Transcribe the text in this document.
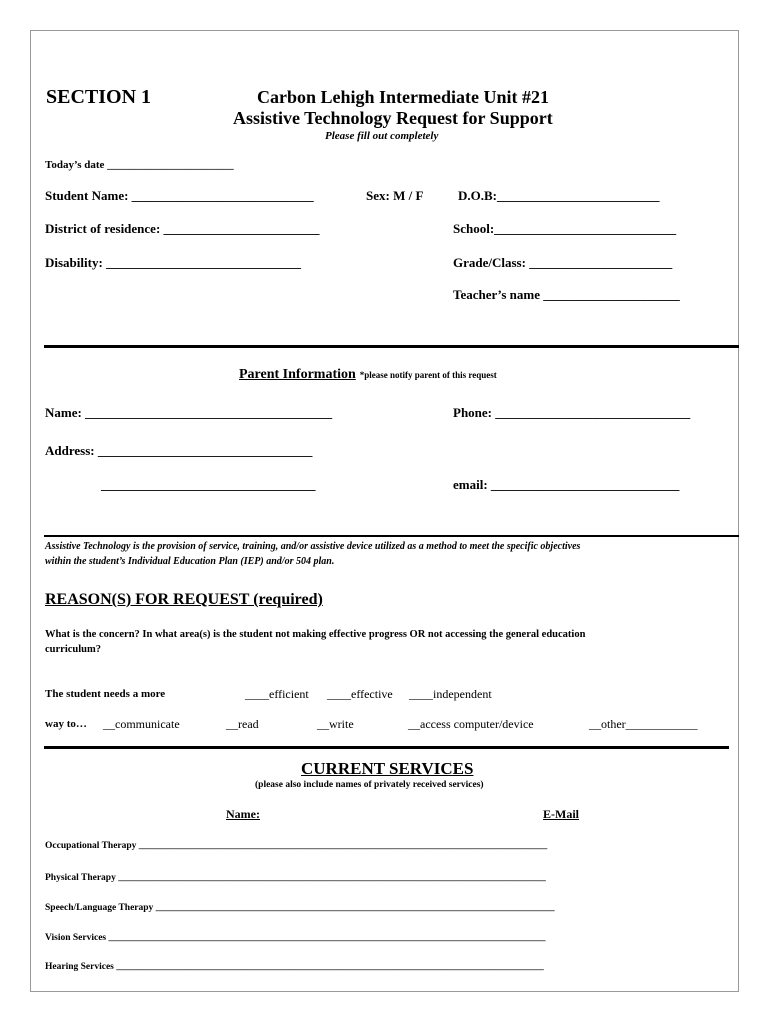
SECTION 1	Carbon Lehigh Intermediate Unit #21
Assistive Technology Request for Support
Please fill out completely
Today’s date _______________________
Student Name: ____________________________	Sex: M / F	D.O.B:_________________________
District of residence: ________________________	School:____________________________
Disability: ______________________________	Grade/Class: ______________________
Teacher’s name _____________________
Parent Information *please notify parent of this request
Name: ______________________________________	Phone: ______________________________
Address: _________________________________
_________________________________	email: _____________________________
Assistive Technology is the provision of service, training, and/or assistive device utilized as a method to meet the specific objectives
within the student’s Individual Education Plan (IEP) and/or 504 plan.
REASON(S) FOR REQUEST (required)
What is the concern? In what area(s) is the student not making effective progress OR not accessing the general education
curriculum?
The student needs a more	____efficient ____effective ____independent
way to… __communicate	__read	__write	__access computer/device	__other____________
CURRENT SERVICES
(please also include names of privately received services)
Name:	E-Mail
Occupational Therapy ______________________________________________________________________________________
Physical Therapy __________________________________________________________________________________________
Speech/Language Therapy ____________________________________________________________________________________
Vision Services ____________________________________________________________________________________________
Hearing Services __________________________________________________________________________________________
